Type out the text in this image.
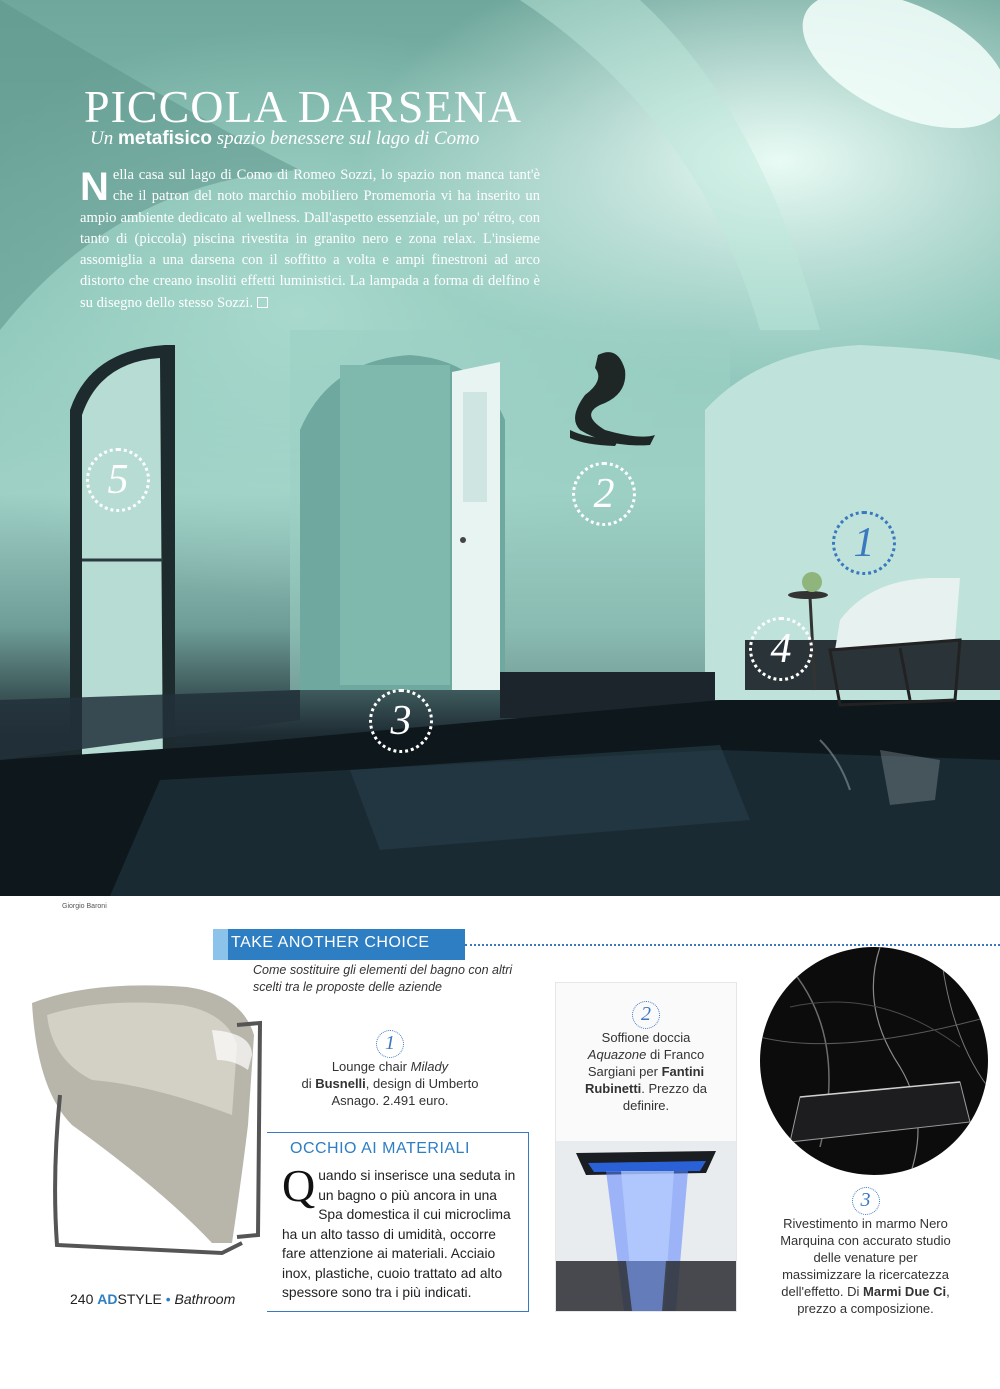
PICCOLA DARSENA
Un metafisico spazio benessere sul lago di Como

Nella casa sul lago di Como di Romeo Sozzi, lo spazio non manca tant'è che il patron del noto marchio mobiliero Promemoria vi ha inserito un ampio ambiente dedicato al wellness. Dall'aspetto essenziale, un po' rétro, con tanto di (piccola) piscina rivestita in granito nero e zona relax. L'insieme assomiglia a una darsena con il soffitto a volta e ampi finestroni ad arco distorto che creano insoliti effetti luministici. La lampada a forma di delfino è su disegno dello stesso Sozzi.

5	2
1
4
3
Giorgio Baroni
TAKE ANOTHER CHOICE
Come sostituire gli elementi del bagno con altri scelti tra le proposte delle aziende
1
Lounge chair Milady
di Busnelli, design di Umberto Asnago. 2.491 euro.
OCCHIO AI MATERIALI

Quando si inserisce una seduta in un bagno o più ancora in una Spa domestica il cui microclima ha un alto tasso di umidità, occorre fare attenzione ai materiali. Acciaio inox, plastiche, cuoio trattato ad alto spessore sono tra i più indicati.

2
Soffione doccia
Aquazone di Franco Sargiani per Fantini Rubinetti. Prezzo da definire.
3
Rivestimento in marmo Nero Marquina con accurato studio delle venature per massimizzare la ricercatezza dell'effetto. Di Marmi Due Ci, prezzo a composizione.
240 ADSTYLE • Bathroom
